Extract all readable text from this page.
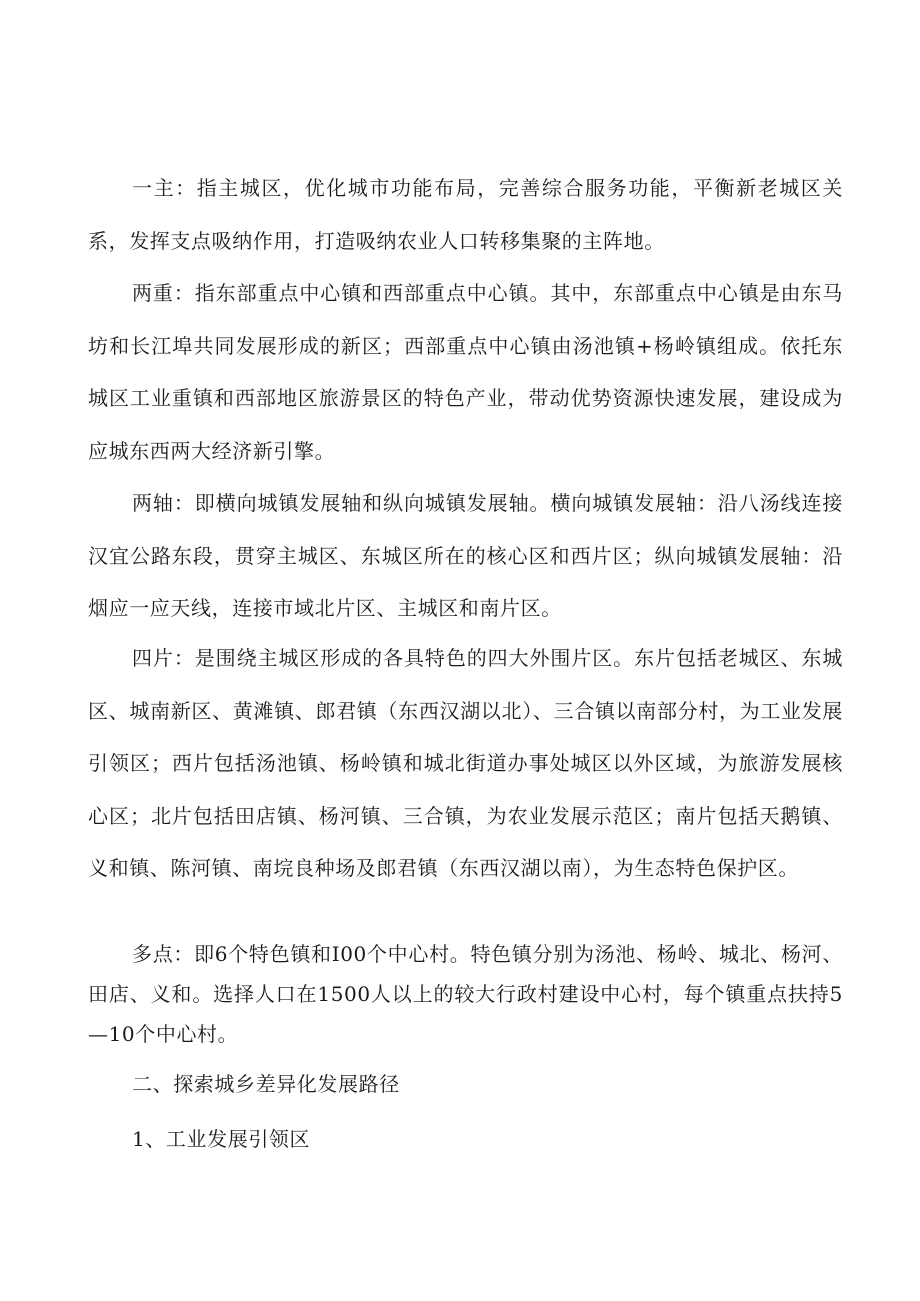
一主：指主城区，优化城市功能布局，完善综合服务功能，平衡新老城区关系，发挥支点吸纳作用，打造吸纳农业人口转移集聚的主阵地。

两重：指东部重点中心镇和西部重点中心镇。其中，东部重点中心镇是由东马坊和长江埠共同发展形成的新区；西部重点中心镇由汤池镇+杨岭镇组成。依托东城区工业重镇和西部地区旅游景区的特色产业，带动优势资源快速发展，建设成为应城东西两大经济新引擎。

两轴：即横向城镇发展轴和纵向城镇发展轴。横向城镇发展轴：沿八汤线连接汉宜公路东段，贯穿主城区、东城区所在的核心区和西片区；纵向城镇发展轴：沿烟应一应天线，连接市域北片区、主城区和南片区。

四片：是围绕主城区形成的各具特色的四大外围片区。东片包括老城区、东城区、城南新区、黄滩镇、郎君镇（东西汉湖以北）、三合镇以南部分村，为工业发展引领区；西片包括汤池镇、杨岭镇和城北街道办事处城区以外区域，为旅游发展核心区；北片包括田店镇、杨河镇、三合镇，为农业发展示范区；南片包括天鹅镇、义和镇、陈河镇、南垸良种场及郎君镇（东西汉湖以南），为生态特色保护区。

多点：即6个特色镇和I00个中心村。特色镇分别为汤池、杨岭、城北、杨河、田店、义和。选择人口在1500人以上的较大行政村建设中心村，每个镇重点扶持5—10个中心村。

二、探索城乡差异化发展路径

1、工业发展引领区
